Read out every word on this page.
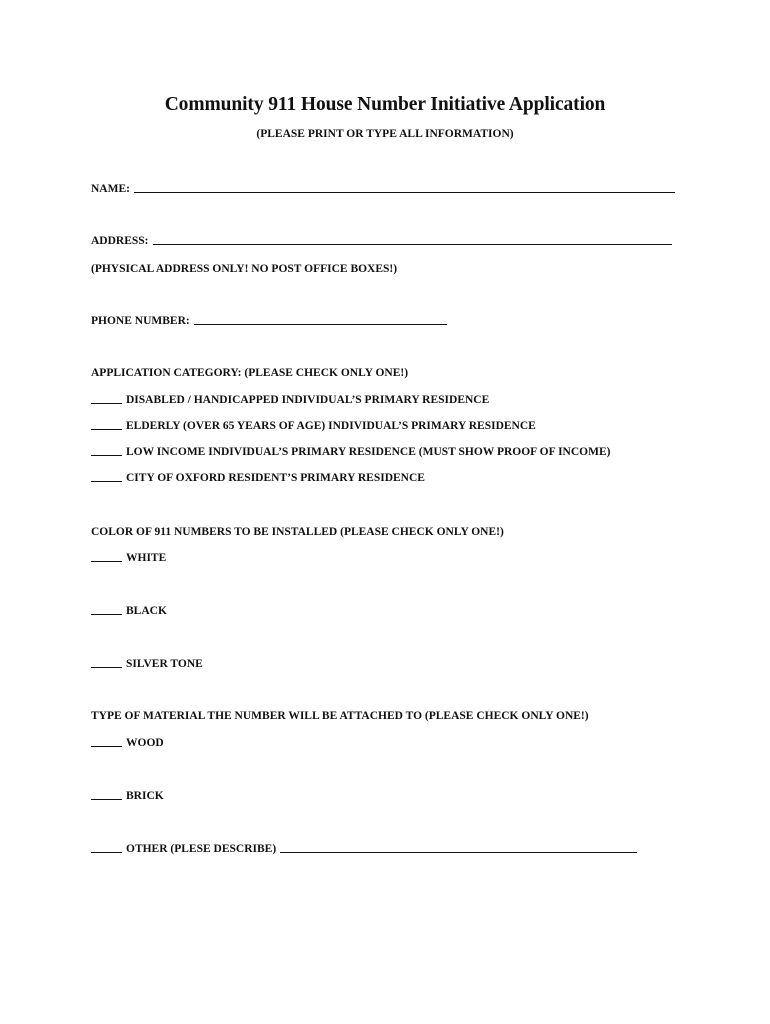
Community 911 House Number Initiative Application
(PLEASE PRINT OR TYPE ALL INFORMATION)
NAME:
ADDRESS:
(PHYSICAL ADDRESS ONLY! NO POST OFFICE BOXES!)
PHONE NUMBER:
APPLICATION CATEGORY: (PLEASE CHECK ONLY ONE!)
DISABLED / HANDICAPPED INDIVIDUAL’S PRIMARY RESIDENCE
ELDERLY (OVER 65 YEARS OF AGE) INDIVIDUAL’S PRIMARY RESIDENCE
LOW INCOME INDIVIDUAL’S PRIMARY RESIDENCE (MUST SHOW PROOF OF INCOME)
CITY OF OXFORD RESIDENT’S PRIMARY RESIDENCE
COLOR OF 911 NUMBERS TO BE INSTALLED (PLEASE CHECK ONLY ONE!)
WHITE
BLACK
SILVER TONE
TYPE OF MATERIAL THE NUMBER WILL BE ATTACHED TO (PLEASE CHECK ONLY ONE!)
WOOD
BRICK
OTHER (PLESE DESCRIBE)
